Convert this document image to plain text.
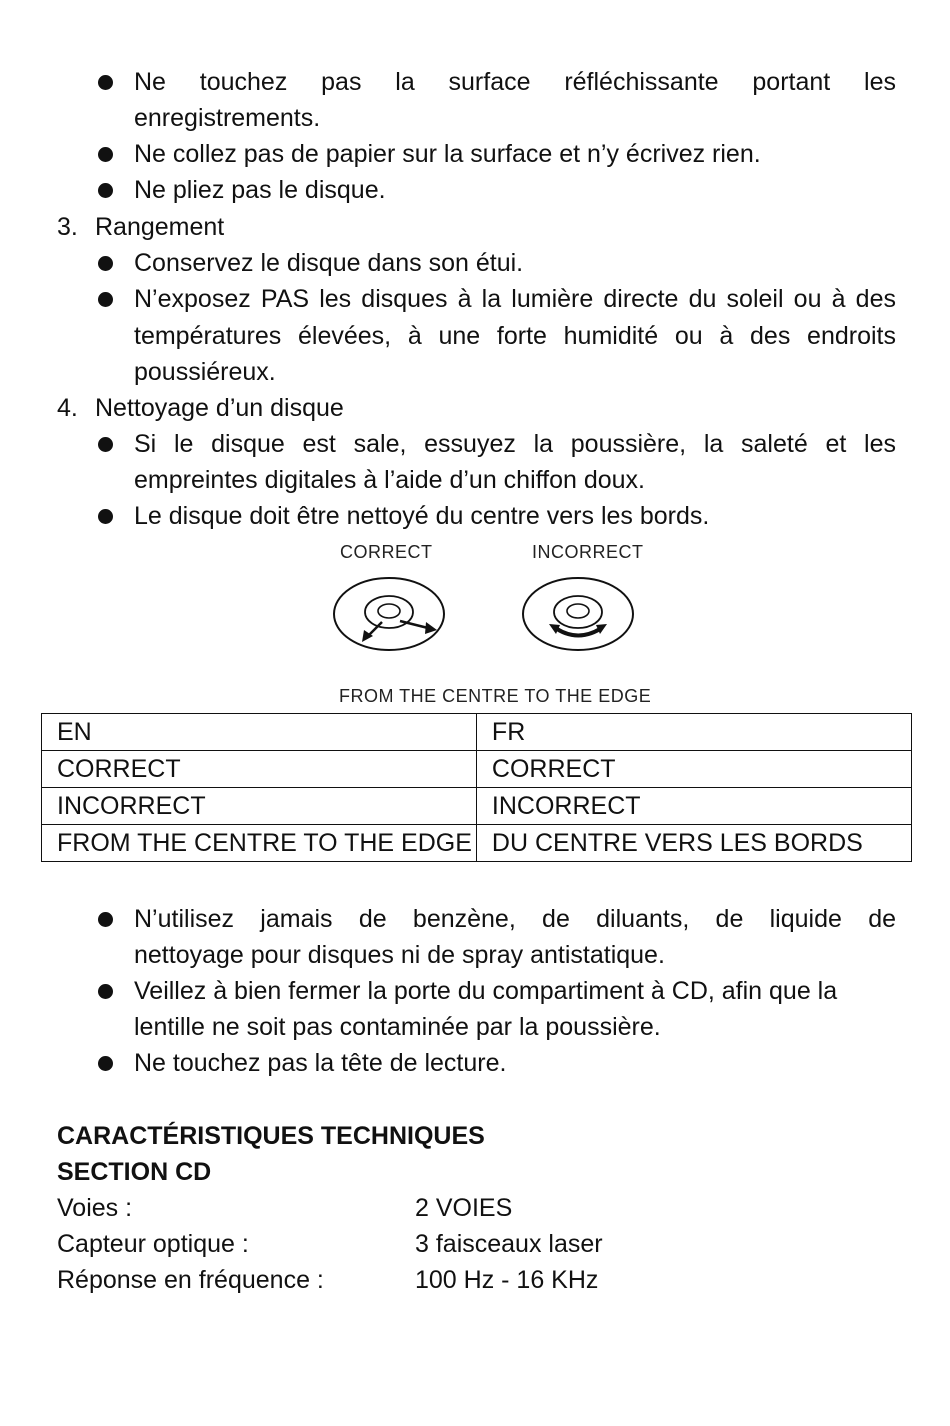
Ne touchez pas la surface réfléchissante portant les
enregistrements.
Ne collez pas de papier sur la surface et n’y écrivez rien.
Ne pliez pas le disque.
3. Rangement
Conservez le disque dans son étui.
N’exposez PAS les disques à la lumière directe du soleil ou à des
températures élevées, à une forte humidité ou à des endroits
poussiéreux.
4. Nettoyage d’un disque
Si le disque est sale, essuyez la poussière, la saleté et les
empreintes digitales à l’aide d’un chiffon doux.
Le disque doit être nettoyé du centre vers les bords.
CORRECT	INCORRECT
FROM THE CENTRE TO THE EDGE
EN	FR
CORRECT	CORRECT
INCORRECT	INCORRECT
FROM THE CENTRE TO THE EDGE	DU CENTRE VERS LES BORDS
N’utilisez jamais de benzène, de diluants, de liquide de
nettoyage pour disques ni de spray antistatique.
Veillez à bien fermer la porte du compartiment à CD, afin que la
lentille ne soit pas contaminée par la poussière.
Ne touchez pas la tête de lecture.
CARACTÉRISTIQUES TECHNIQUES
SECTION CD
Voies :	2 VOIES
Capteur optique :	3 faisceaux laser
Réponse en fréquence :	100 Hz - 16 KHz
